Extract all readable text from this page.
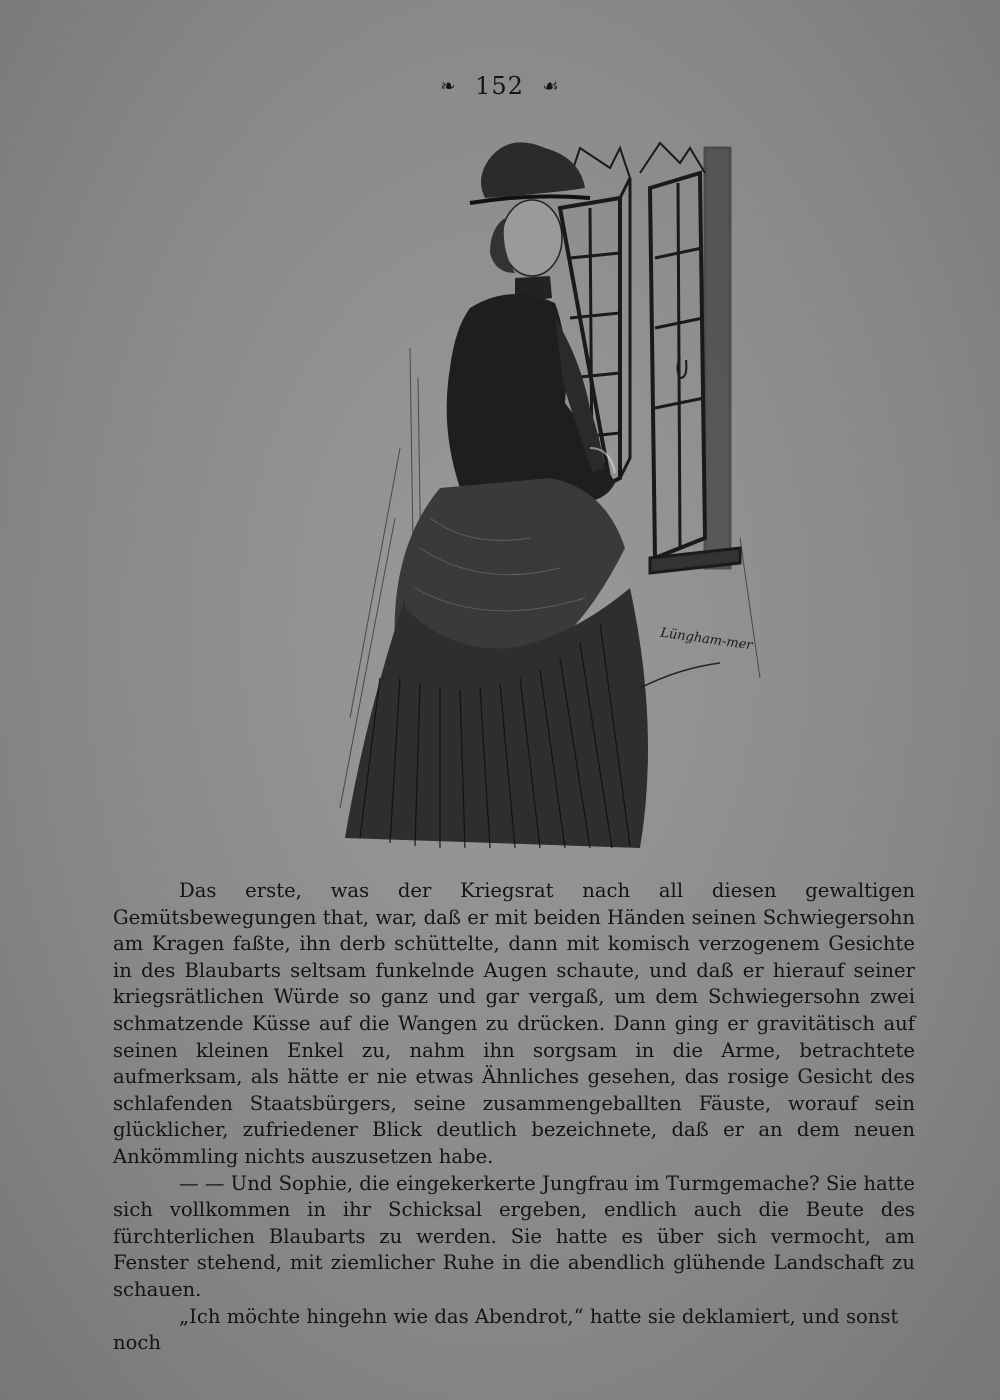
❧ 152 ☙
Lüngham-mer

Das erste, was der Kriegsrat nach all diesen gewaltigen Gemütsbewegungen that, war, daß er mit beiden Händen seinen Schwiegersohn am Kragen faßte, ihn derb schüttelte, dann mit komisch verzogenem Gesichte in des Blaubarts seltsam funkelnde Augen schaute, und daß er hierauf seiner kriegsrätlichen Würde so ganz und gar vergaß, um dem Schwiegersohn zwei schmatzende Küsse auf die Wangen zu drücken. Dann ging er gravitätisch auf seinen kleinen Enkel zu, nahm ihn sorgsam in die Arme, betrachtete aufmerksam, als hätte er nie etwas Ähnliches gesehen, das rosige Gesicht des schlafenden Staatsbürgers, seine zusammengeballten Fäuste, worauf sein glücklicher, zufriedener Blick deutlich bezeichnete, daß er an dem neuen Ankömmling nichts auszusetzen habe.

— — Und Sophie, die eingekerkerte Jungfrau im Turmgemache? Sie hatte sich vollkommen in ihr Schicksal ergeben, endlich auch die Beute des fürchterlichen Blaubarts zu werden. Sie hatte es über sich vermocht, am Fenster stehend, mit ziemlicher Ruhe in die abendlich glühende Landschaft zu schauen.

„Ich möchte hingehn wie das Abendrot,“ hatte sie deklamiert, und sonst noch
